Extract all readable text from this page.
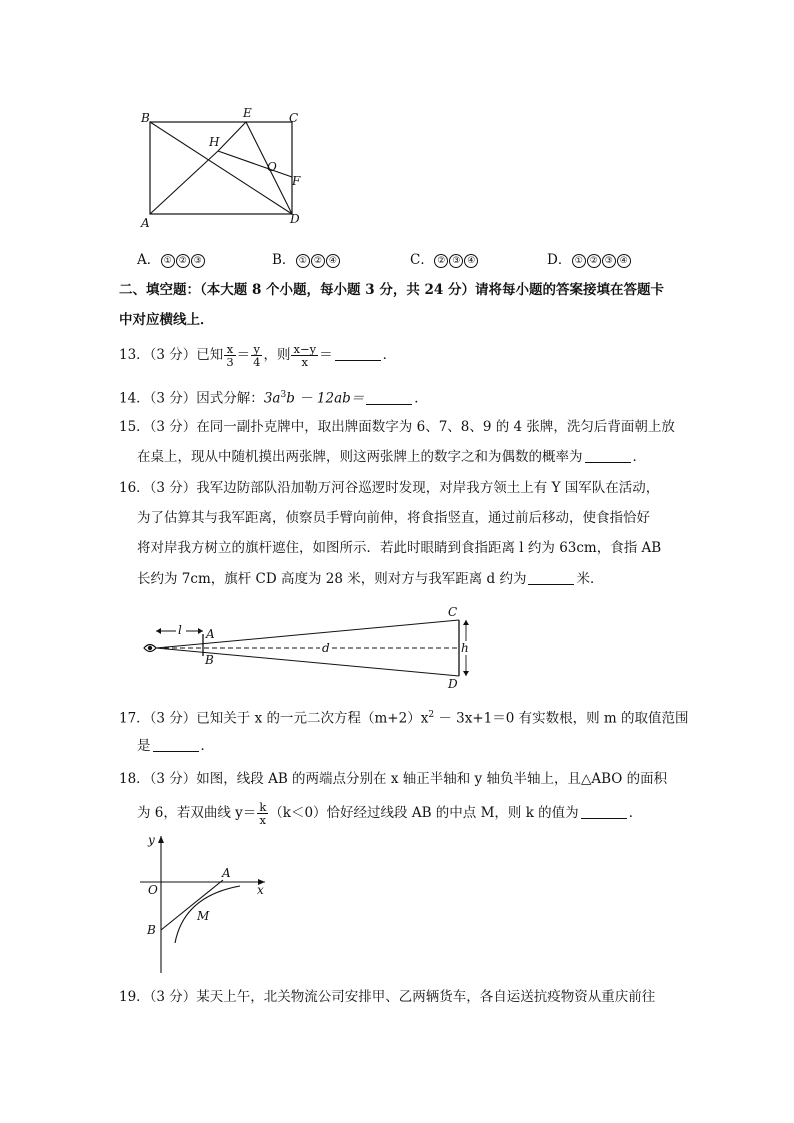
B	E	C
H
O
F
A	D
A． ① ② ③	B． ① ② ④	C． ② ③ ④	D． ① ② ③ ④
二、填空题：（本大题 8 个小题，每小题 3 分，共 24 分）请将每小题的答案接填在答题卡
中对应横线上．
13．（3 分）已知 $\frac{x}{3} = \frac{y}{4}$ ，则 $\frac{x-y}{x}$ ＝	．
14．（3 分）因式分解：$3a^3b - 12ab=$	．
15．（3 分）在同一副扑克牌中，取出牌面数字为 6、7、8、9 的 4 张牌，洗匀后背面朝上放
在桌上，现从中随机摸出两张牌，则这两张牌上的数字之和为偶数的概率为	．
16．（3 分）我军边防部队沿加勒万河谷巡逻时发现，对岸我方领土上有 Y 国军队在活动，
为了估算其与我军距离，侦察员手臂向前伸，将食指竖直，通过前后移动，使食指恰好
将对岸我方树立的旗杆遮住，如图所示．若此时眼睛到食指距离 l 约为 63cm，食指 AB
长约为 7cm，旗杆 CD 高度为 28 米，则对方与我军距离 d 约为	米．
l A
B
d
C
D
h
17．（3 分）已知关于 x 的一元二次方程$(m+2)x^2 - 3x+1=0$ 有实数根，则 m 的取值范围
是	．
18．（3 分）如图，线段 AB 的两端点分别在 x 轴正半轴和 y 轴负半轴上，且△ABO 的面积
为 6，若双曲线 $y= \frac{k}{x} (k<0)$恰好经过线段 AB 的中点 M，则 k 的值为	．
y
O
A
x
M
B
19．（3 分）某天上午，北关物流公司安排甲、乙两辆货车，各自运送抗疫物资从重庆前往
